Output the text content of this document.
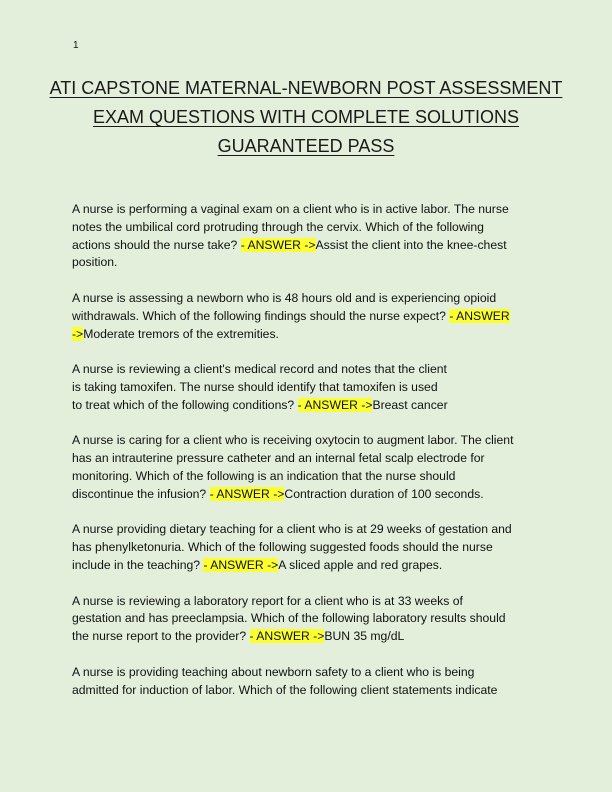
1
ATI CAPSTONE MATERNAL-NEWBORN POST ASSESSMENT
EXAM QUESTIONS WITH COMPLETE SOLUTIONS
GUARANTEED PASS
A nurse is performing a vaginal exam on a client who is in active labor. The nurse
notes the umbilical cord protruding through the cervix. Which of the following
actions should the nurse take? - ANSWER ->Assist the client into the knee-chest
position.
A nurse is assessing a newborn who is 48 hours old and is experiencing opioid
withdrawals. Which of the following findings should the nurse expect? - ANSWER
->Moderate tremors of the extremities.
A nurse is reviewing a client's medical record and notes that the client
is taking tamoxifen. The nurse should identify that tamoxifen is used
to treat which of the following conditions? - ANSWER ->Breast cancer
A nurse is caring for a client who is receiving oxytocin to augment labor. The client
has an intrauterine pressure catheter and an internal fetal scalp electrode for
monitoring. Which of the following is an indication that the nurse should
discontinue the infusion? - ANSWER ->Contraction duration of 100 seconds.
A nurse providing dietary teaching for a client who is at 29 weeks of gestation and
has phenylketonuria. Which of the following suggested foods should the nurse
include in the teaching? - ANSWER ->A sliced apple and red grapes.
A nurse is reviewing a laboratory report for a client who is at 33 weeks of
gestation and has preeclampsia. Which of the following laboratory results should
the nurse report to the provider? - ANSWER ->BUN 35 mg/dL
A nurse is providing teaching about newborn safety to a client who is being
admitted for induction of labor. Which of the following client statements indicate
